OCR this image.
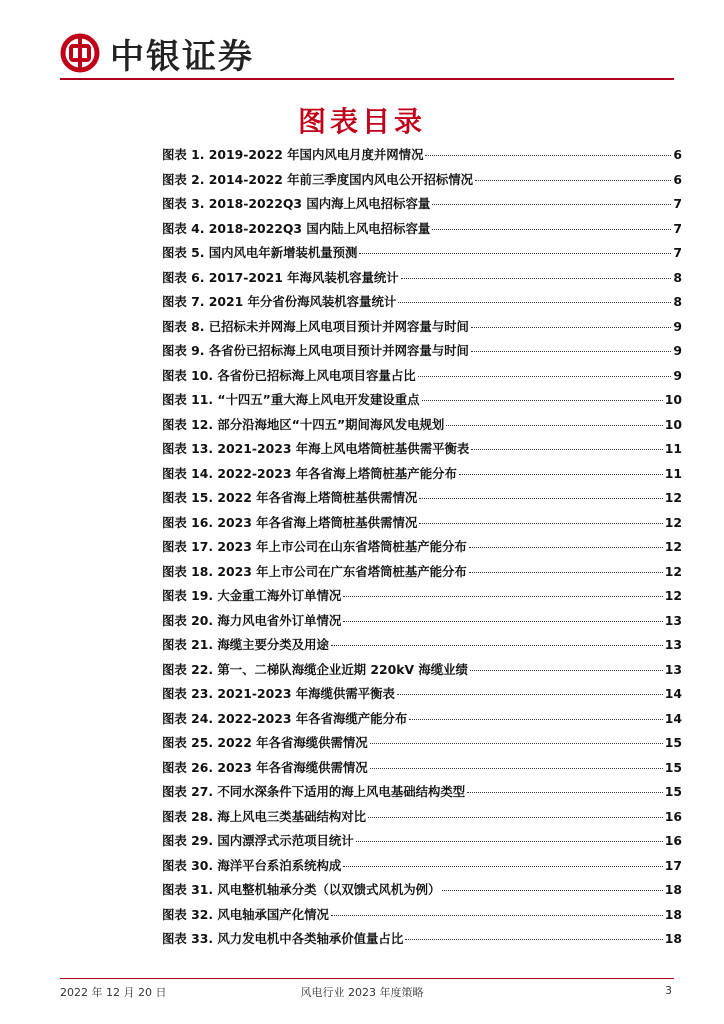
中银证券
图表目录
图表 1. 2019-2022 年国内风电月度并网情况	6
图表 2. 2014-2022 年前三季度国内风电公开招标情况	6
图表 3. 2018-2022Q3 国内海上风电招标容量	7
图表 4. 2018-2022Q3 国内陆上风电招标容量	7
图表 5. 国内风电年新增装机量预测	7
图表 6. 2017-2021 年海风装机容量统计	8
图表 7. 2021 年分省份海风装机容量统计	8
图表 8. 已招标未并网海上风电项目预计并网容量与时间	9
图表 9. 各省份已招标海上风电项目预计并网容量与时间	9
图表 10. 各省份已招标海上风电项目容量占比	9
图表 11. “十四五”重大海上风电开发建设重点	10
图表 12. 部分沿海地区“十四五”期间海风发电规划	10
图表 13. 2021-2023 年海上风电塔筒桩基供需平衡表	11
图表 14. 2022-2023 年各省海上塔筒桩基产能分布	11
图表 15. 2022 年各省海上塔筒桩基供需情况	12
图表 16. 2023 年各省海上塔筒桩基供需情况	12
图表 17. 2023 年上市公司在山东省塔筒桩基产能分布	12
图表 18. 2023 年上市公司在广东省塔筒桩基产能分布	12
图表 19. 大金重工海外订单情况	12
图表 20. 海力风电省外订单情况	13
图表 21. 海缆主要分类及用途	13
图表 22. 第一、二梯队海缆企业近期 220kV 海缆业绩	13
图表 23. 2021-2023 年海缆供需平衡表	14
图表 24. 2022-2023 年各省海缆产能分布	14
图表 25. 2022 年各省海缆供需情况	15
图表 26. 2023 年各省海缆供需情况	15
图表 27. 不同水深条件下适用的海上风电基础结构类型	15
图表 28. 海上风电三类基础结构对比	16
图表 29. 国内漂浮式示范项目统计	16
图表 30. 海洋平台系泊系统构成	17
图表 31. 风电整机轴承分类（以双馈式风机为例）	18
图表 32. 风电轴承国产化情况	18
图表 33. 风力发电机中各类轴承价值量占比	18
2022 年 12 月 20 日	风电行业 2023 年度策略	3
